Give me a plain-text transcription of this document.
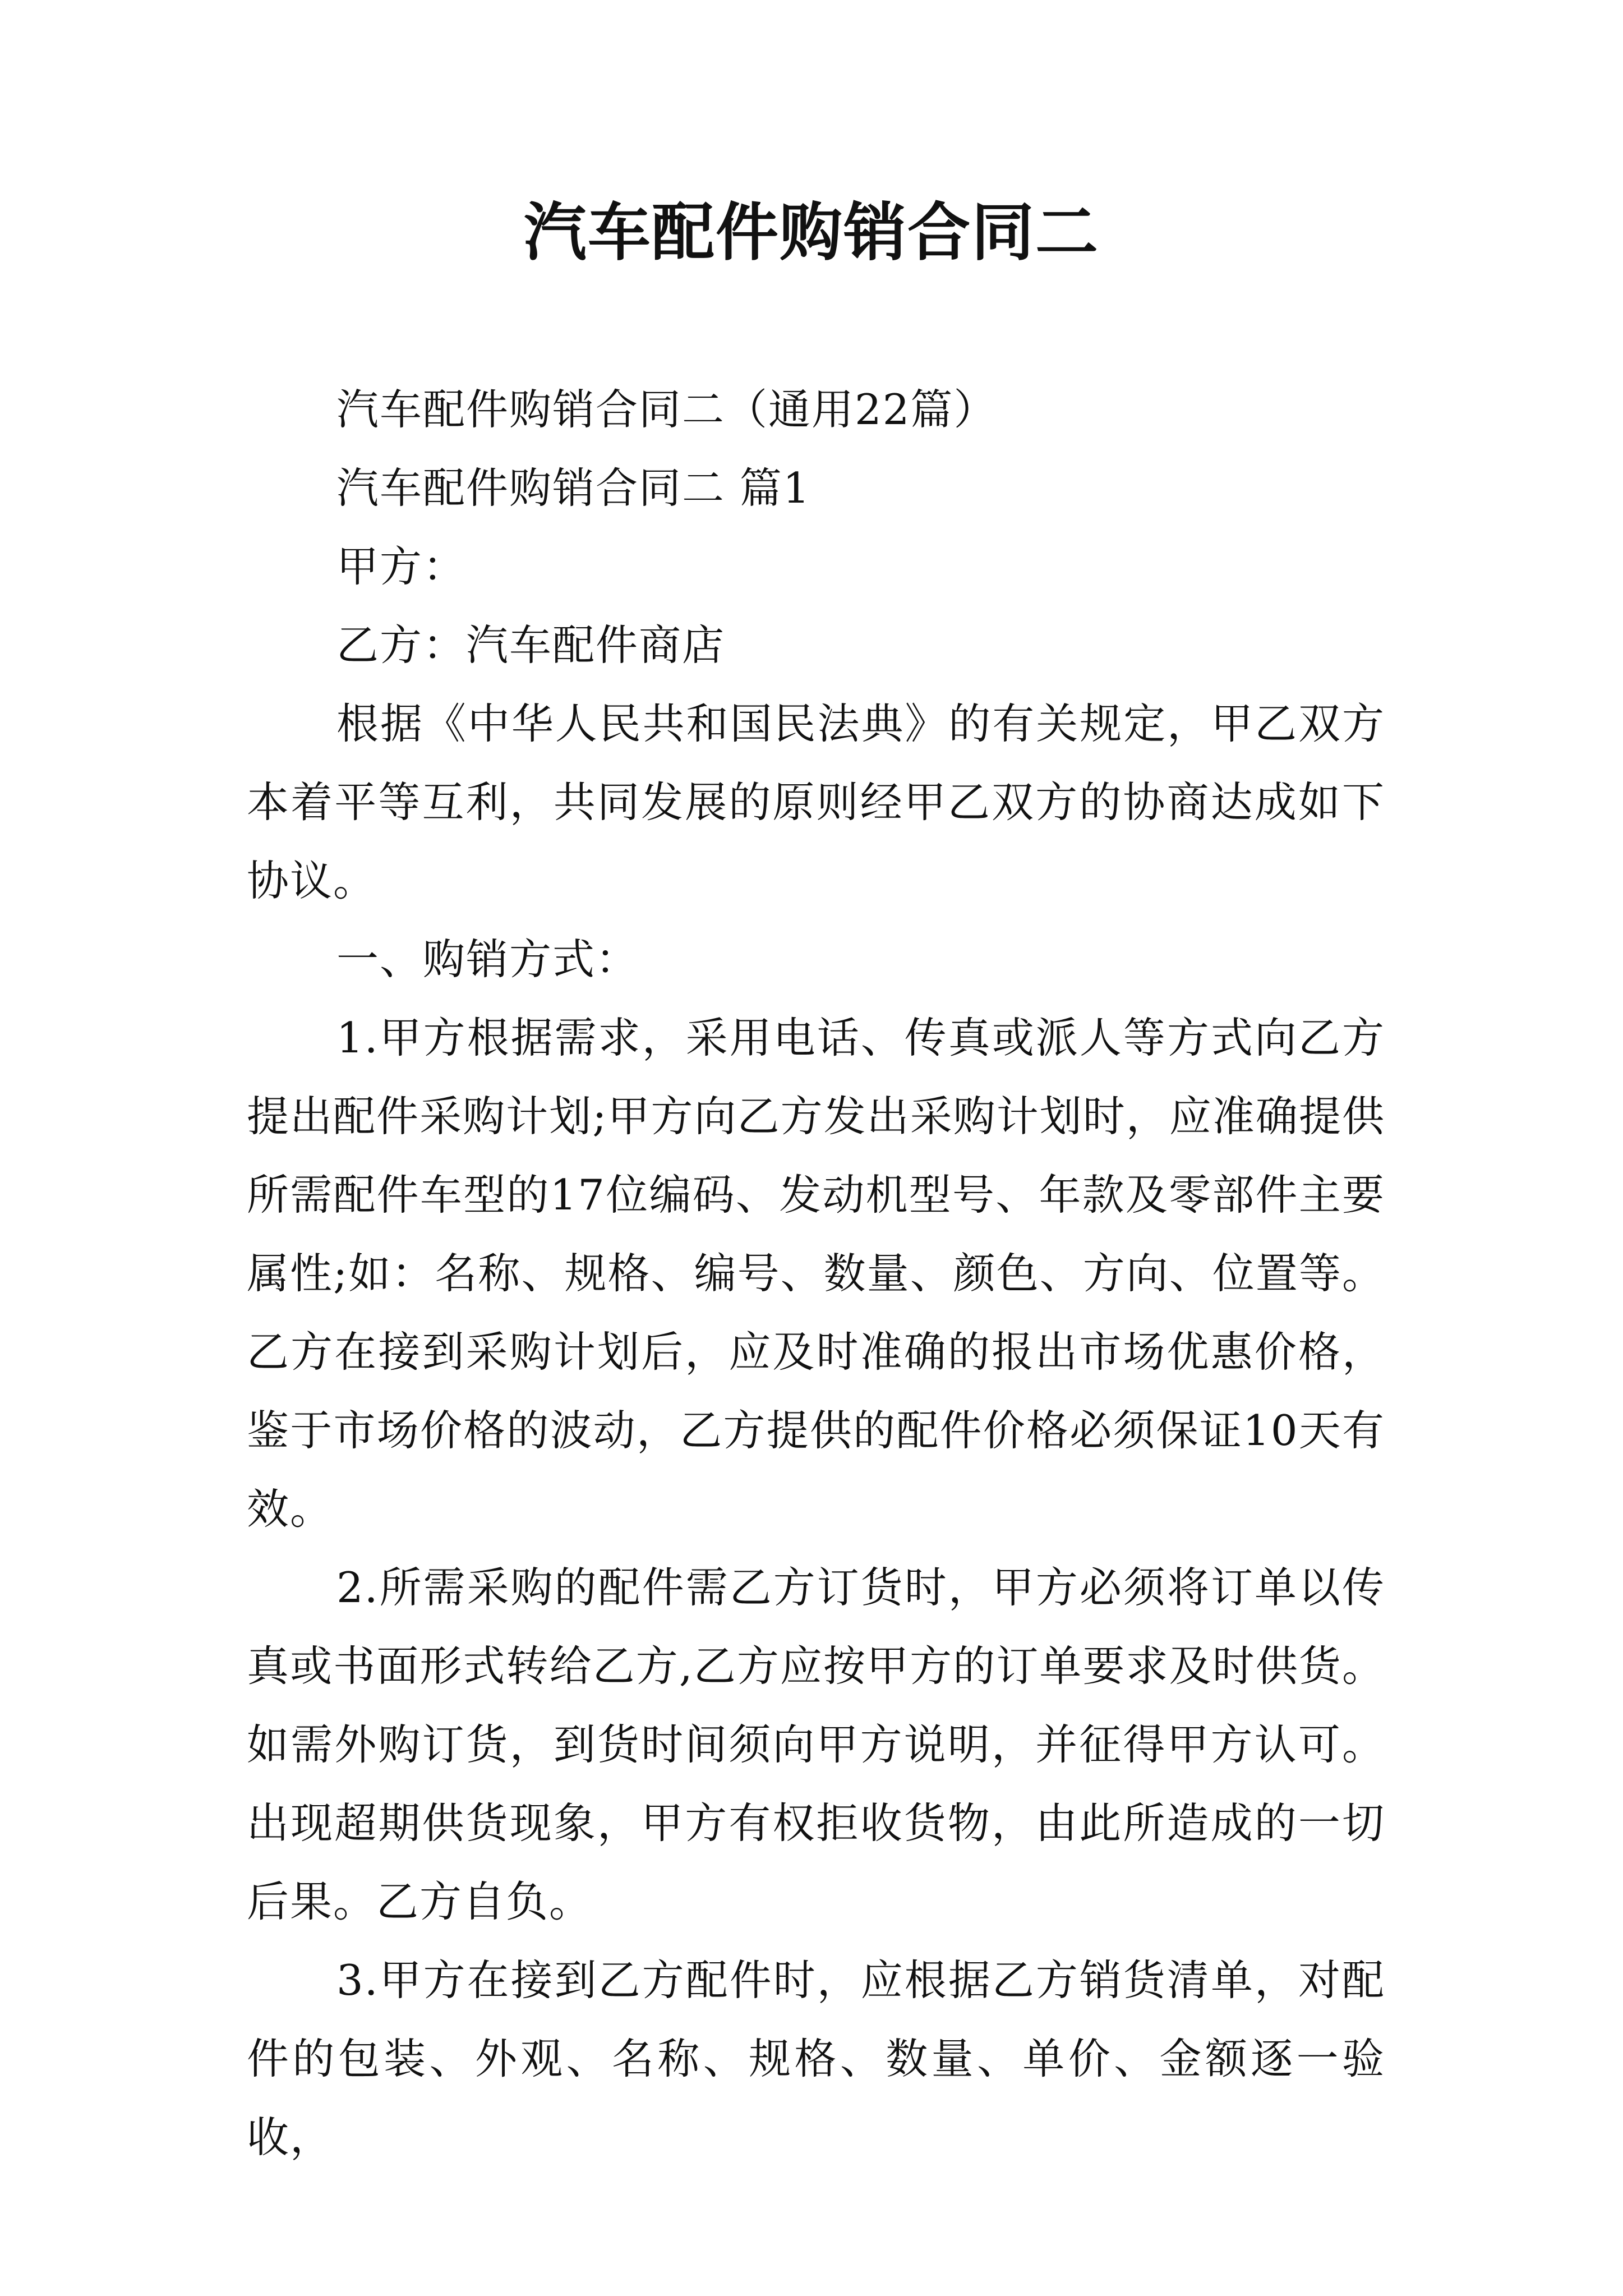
汽车配件购销合同二

汽车配件购销合同二（通用22篇）

汽车配件购销合同二 篇1

甲方：

乙方：汽车配件商店

根据《中华人民共和国民法典》的有关规定，甲乙双方本着平等互利，共同发展的原则经甲乙双方的协商达成如下协议。

一、购销方式：

1.甲方根据需求，采用电话、传真或派人等方式向乙方提出配件采购计划;甲方向乙方发出采购计划时，应准确提供所需配件车型的17位编码、发动机型号、年款及零部件主要属性;如：名称、规格、编号、数量、颜色、方向、位置等。乙方在接到采购计划后，应及时准确的报出市场优惠价格，鉴于市场价格的波动，乙方提供的配件价格必须保证10天有效。

2.所需采购的配件需乙方订货时，甲方必须将订单以传真或书面形式转给乙方,乙方应按甲方的订单要求及时供货。如需外购订货，到货时间须向甲方说明，并征得甲方认可。出现超期供货现象，甲方有权拒收货物，由此所造成的一切后果。乙方自负。

3.甲方在接到乙方配件时，应根据乙方销货清单，对配件的包装、外观、名称、规格、数量、单价、金额逐一验收，
